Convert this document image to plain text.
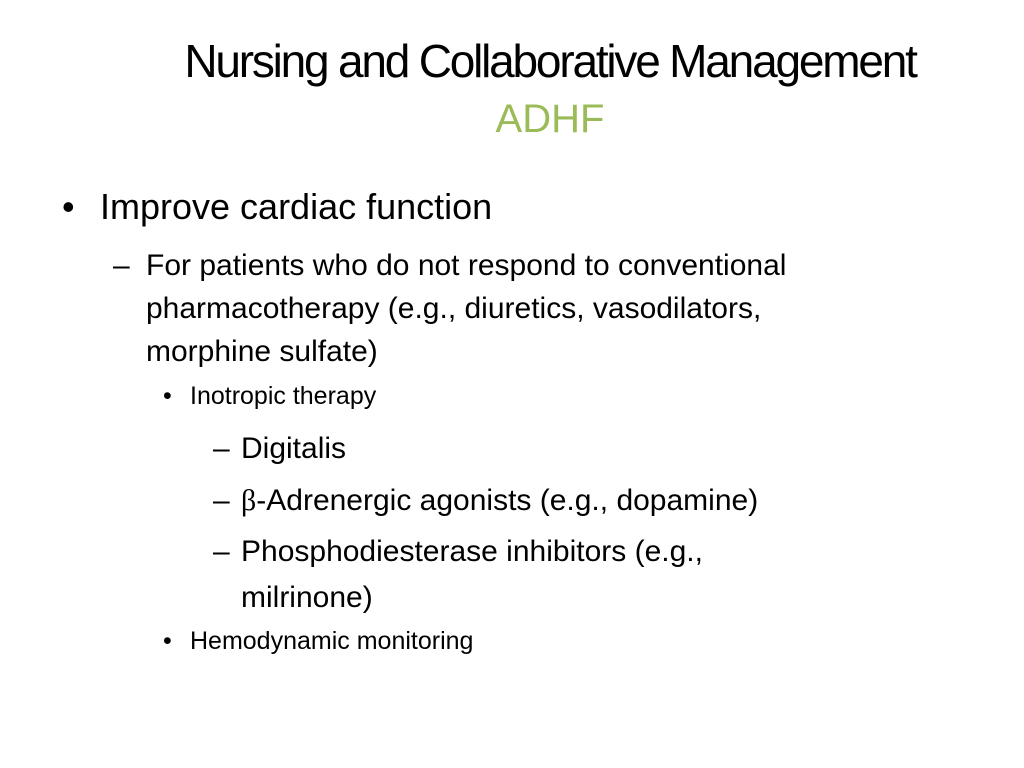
Nursing and Collaborative Management
ADHF
• Improve cardiac function
– For patients who do not respond to conventional
pharmacotherapy (e.g., diuretics, vasodilators,
morphine sulfate)
• Inotropic therapy
– Digitalis
– β-Adrenergic agonists (e.g., dopamine)
– Phosphodiesterase inhibitors (e.g.,
milrinone)
• Hemodynamic monitoring
